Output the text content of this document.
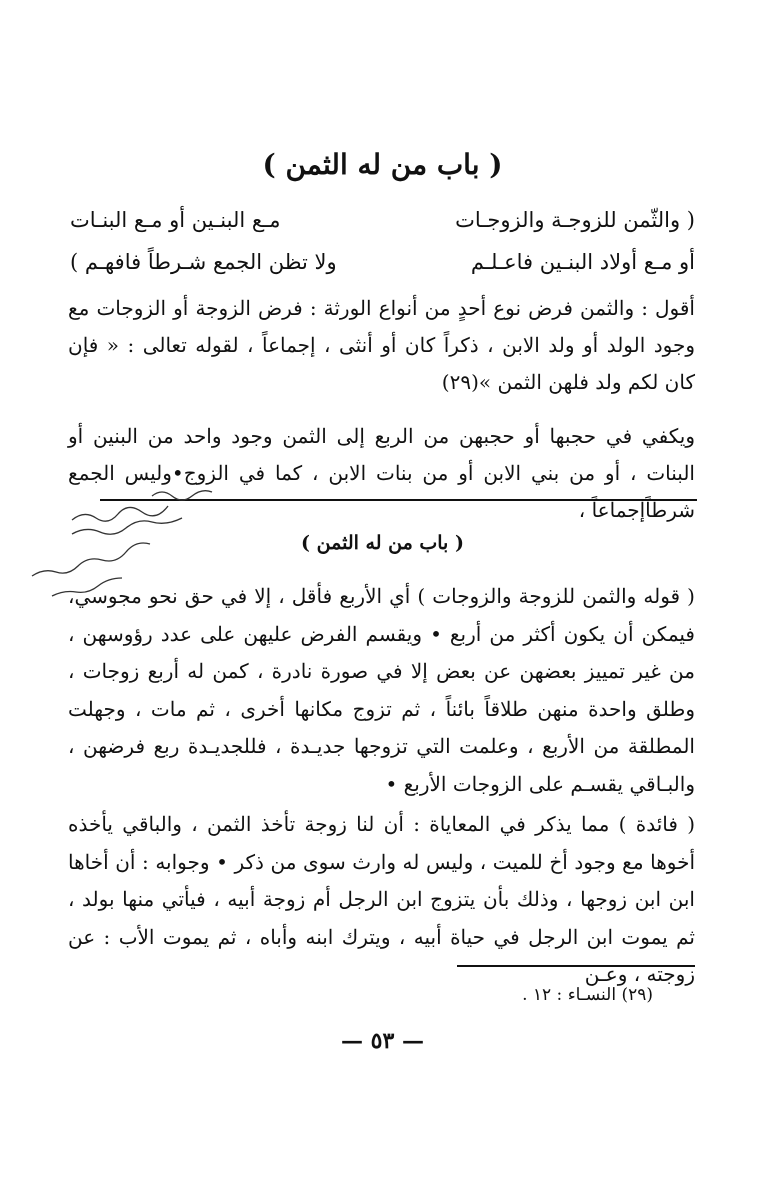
( باب من له الثمن )
( والثّمن للزوجـة والزوجـات
مـع البنـين أو مـع البنـات
أو مـع أولاد البنـين فاعـلـم
ولا تظن الجمع شـرطاً فافهـم )
أقول : والثمن فرض نوع أحدٍ من أنواع الورثة : فرض الزوجة أو الزوجات مع وجود الولد أو ولد الابن ، ذكراً كان أو أنثى ، إجماعاً ، لقوله تعالى : « فإن كان لكم ولد فلهن الثمن »(٢٩)
ويكفي في حجبها أو حجبهن من الربع إلى الثمن وجود واحد من البنين أو البنات ، أو من بني الابن أو من بنات الابن ، كما في الزوج•وليس الجمع شرطاًإجماعاً ،
( باب من له الثمن )
( قوله والثمن للزوجة والزوجات ) أي الأربع فأقل ، إلا في حق نحو مجوسي، فيمكن أن يكون أكثر من أربع • ويقسم الفرض عليهن على عدد رؤوسهن ، من غير تمييز بعضهن عن بعض إلا في صورة نادرة ، كمن له أربع زوجات ، وطلق واحدة منهن طلاقاً بائناً ، ثم تزوج مكانها أخرى ، ثم مات ، وجهلت المطلقة من الأربع ، وعلمت التي تزوجها جديـدة ، فللجديـدة ربع فرضهن ، والبـاقي يقسـم على الزوجات الأربع •
( فائدة ) مما يذكر في المعاياة : أن لنا زوجة تأخذ الثمن ، والباقي يأخذه أخوها مع وجود أخ للميت ، وليس له وارث سوى من ذكر • وجوابه : أن أخاها ابن ابن زوجها ، وذلك بأن يتزوج ابن الرجل أم زوجة أبيه ، فيأتي منها بولد ، ثم يموت ابن الرجل في حياة أبيه ، ويترك ابنه وأباه ، ثم يموت الأب : عن زوجته ، وعـن
(٢٩) النسـاء : ١٢ .
— ٥٣ —
